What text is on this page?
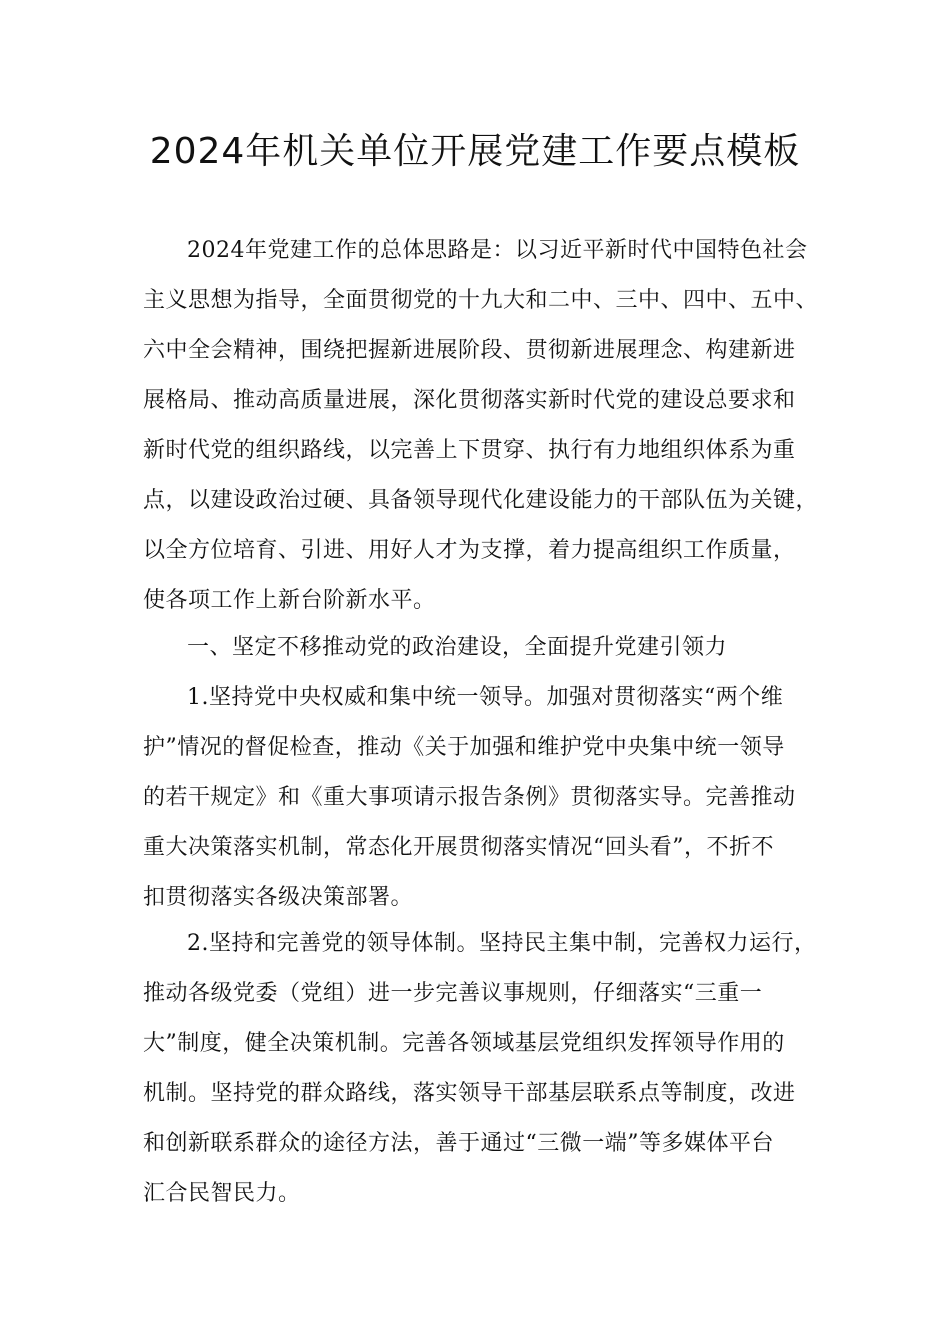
2024年机关单位开展党建工作要点模板
2024年党建工作的总体思路是：以习近平新时代中国特色社会
主义思想为指导，全面贯彻党的十九大和二中、三中、四中、五中、
六中全会精神，围绕把握新进展阶段、贯彻新进展理念、构建新进
展格局、推动高质量进展，深化贯彻落实新时代党的建设总要求和
新时代党的组织路线，以完善上下贯穿、执行有力地组织体系为重
点，以建设政治过硬、具备领导现代化建设能力的干部队伍为关键，
以全方位培育、引进、用好人才为支撑，着力提高组织工作质量，
使各项工作上新台阶新水平。
一、坚定不移推动党的政治建设，全面提升党建引领力
1.坚持党中央权威和集中统一领导。加强对贯彻落实“两个维
护”情况的督促检查，推动《关于加强和维护党中央集中统一领导
的若干规定》和《重大事项请示报告条例》贯彻落实导。完善推动
重大决策落实机制，常态化开展贯彻落实情况“回头看”，不折不
扣贯彻落实各级决策部署。
2.坚持和完善党的领导体制。坚持民主集中制，完善权力运行，
推动各级党委（党组）进一步完善议事规则，仔细落实“三重一
大”制度，健全决策机制。完善各领域基层党组织发挥领导作用的
机制。坚持党的群众路线，落实领导干部基层联系点等制度，改进
和创新联系群众的途径方法，善于通过“三微一端”等多媒体平台
汇合民智民力。
